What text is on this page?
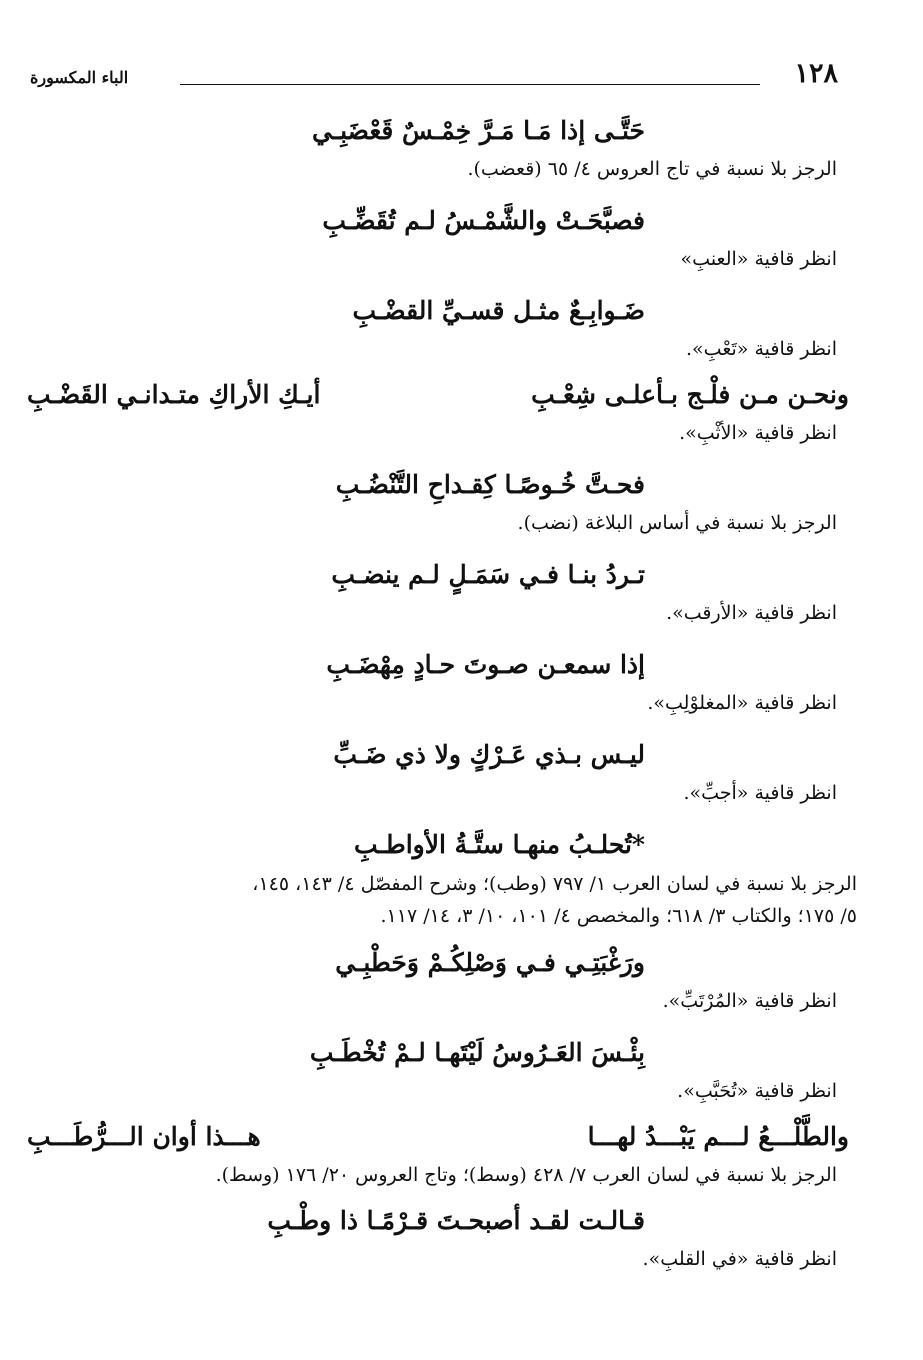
١٢٨
الباء المكسورة
حَتَّـى إذا مَـا مَـرَّ خِمْـسٌ قَعْضَبِـي
الرجز بلا نسبة في تاج العروس ٤/ ٦٥ (قعضب).
فصبَّحَـتْ والشَّمْـسُ لـم تُقَضِّـبِ
انظر قافية «العنبِ»
ضَـوابِـعٌ مثـل قسـيِّ القضْـبِ
انظر قافية «تَعْبِ».
ونحـن مـن فلْـج بـأعلـى شِعْـبِ
أيـكِ الأراكِ متـدانـي القَضْـبِ
انظر قافية «الأثْبِ».
فحـتَّ خُـوصًـا كِقـداحِ التَّنْضُـبِ
الرجز بلا نسبة في أساس البلاغة (نضب).
تـردُ بنـا فـي سَمَـلٍ لـم ينضـبِ
انظر قافية «الأرقب».
إذا سمعـن صـوتَ حـادٍ مِهْضَـبِ
انظر قافية «المغلوْلِبِ».
ليـس بـذي عَـرْكٍ ولا ذي ضَـبِّ
انظر قافية «أجبِّ».
*تُحلـبُ منهـا ستَّـةُ الأواطـبِ
الرجز بلا نسبة في لسان العرب ١/ ٧٩٧ (وطب)؛ وشرح المفصّل ٤/ ١٤٣، ١٤٥،
٥/ ١٧٥؛ والكتاب ٣/ ٦١٨؛ والمخصص ٤/ ١٠١، ١٠/ ٣، ١٤/ ١١٧.
ورَغْبَتِـي فـي وَصْلِكُـمْ وَحَطْبِـي
انظر قافية «المُرْتَبِّ».
بِئْـسَ العَـرُوسُ لَيْتَهـا لـمْ تُخْطَـبِ
انظر قافية «تُحَبَّبِ».
والطَّلْـــعُ لـــم يَبْـــدُ لهـــا
هـــذا أوان الـــرُّطَـــبِ
الرجز بلا نسبة في لسان العرب ٧/ ٤٢٨ (وسط)؛ وتاج العروس ٢٠/ ١٧٦ (وسط).
قـالـت لقـد أصبحـتَ قـرْمًـا ذا وطْـبِ
انظر قافية «في القلبِ».
